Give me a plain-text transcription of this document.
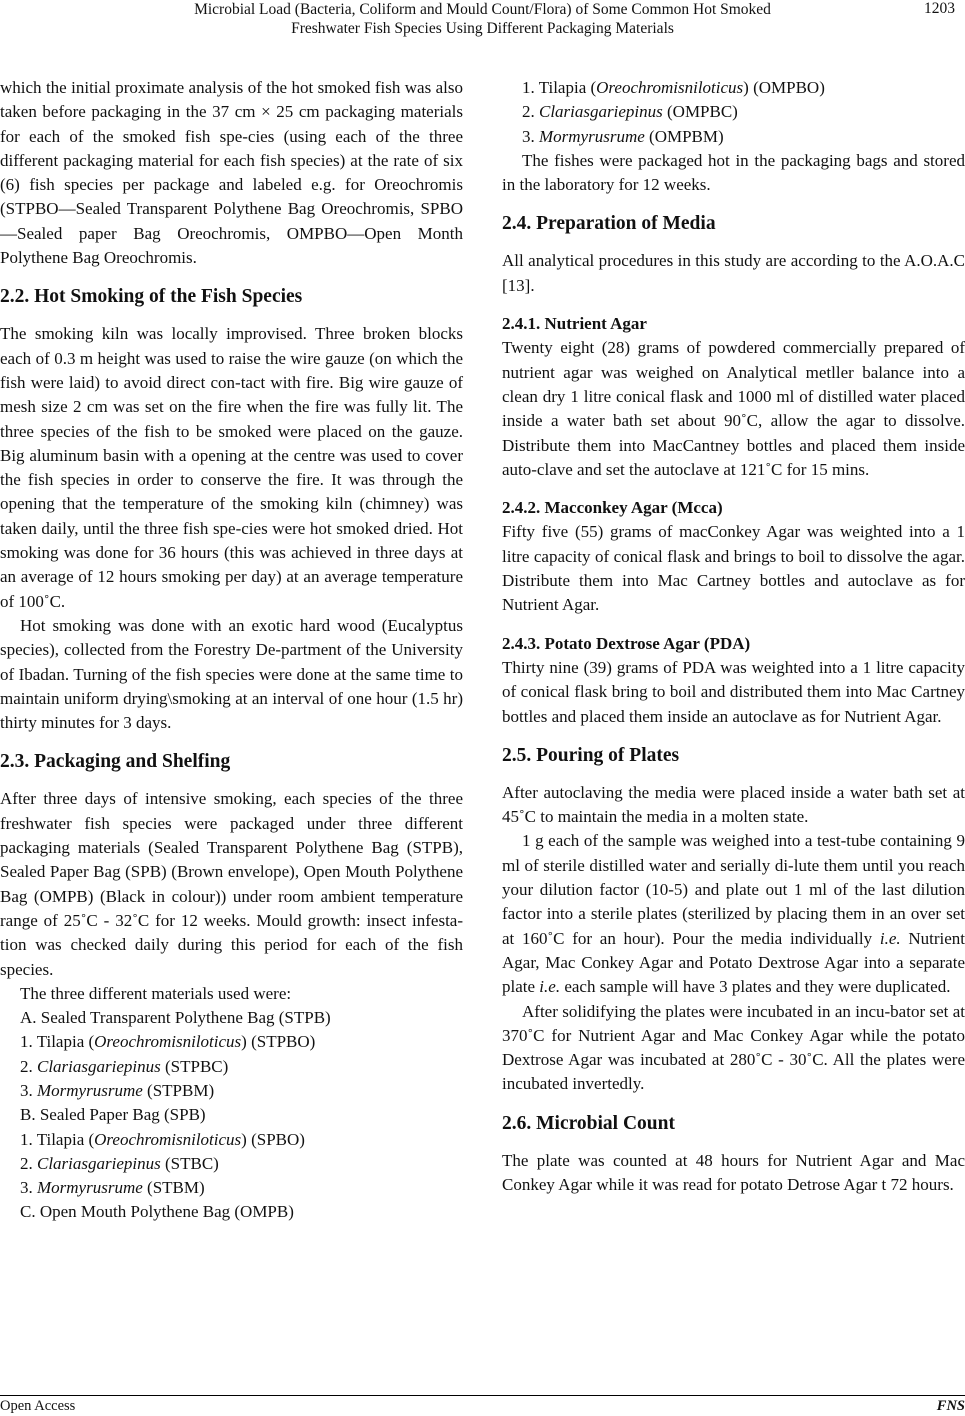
Microbial Load (Bacteria, Coliform and Mould Count/Flora) of Some Common Hot Smoked
Freshwater Fish Species Using Different Packaging Materials
1203

which the initial proximate analysis of the hot smoked fish was also taken before packaging in the 37 cm × 25 cm packaging materials for each of the smoked fish spe-cies (using each of the three different packaging material for each fish species) at the rate of six (6) fish species per package and labeled e.g. for Oreochromis (STPBO—Sealed Transparent Polythene Bag Oreochromis, SPBO—Sealed paper Bag Oreochromis, OMPBO—Open Month Polythene Bag Oreochromis.

2.2. Hot Smoking of the Fish Species

The smoking kiln was locally improvised. Three broken blocks each of 0.3 m height was used to raise the wire gauze (on which the fish were laid) to avoid direct con-tact with fire. Big wire gauze of mesh size 2 cm was set on the fire when the fire was fully lit. The three species of the fish to be smoked were placed on the gauze. Big aluminum basin with a opening at the centre was used to cover the fish species in order to conserve the fire. It was through the opening that the temperature of the smoking kiln (chimney) was taken daily, until the three fish spe-cies were hot smoked dried. Hot smoking was done for 36 hours (this was achieved in three days at an average of 12 hours smoking per day) at an average temperature of 100˚C.

Hot smoking was done with an exotic hard wood (Eucalyptus species), collected from the Forestry De-partment of the University of Ibadan. Turning of the fish species were done at the same time to maintain uniform drying\smoking at an interval of one hour (1.5 hr) thirty minutes for 3 days.

2.3. Packaging and Shelfing

After three days of intensive smoking, each species of the three freshwater fish species were packaged under three different packaging materials (Sealed Transparent Polythene Bag (STPB), Sealed Paper Bag (SPB) (Brown envelope), Open Mouth Polythene Bag (OMPB) (Black in colour)) under room ambient temperature range of 25˚C - 32˚C for 12 weeks. Mould growth: insect infesta-tion was checked daily during this period for each of the fish species.

The three different materials used were:

A. Sealed Transparent Polythene Bag (STPB)

1. Tilapia (Oreochromisniloticus) (STPBO)

2. Clariasgariepinus (STPBC)

3. Mormyrusrume (STPBM)

B. Sealed Paper Bag (SPB)

1. Tilapia (Oreochromisniloticus) (SPBO)

2. Clariasgariepinus (STBC)

3. Mormyrusrume (STBM)

C. Open Mouth Polythene Bag (OMPB)

1. Tilapia (Oreochromisniloticus) (OMPBO)

2. Clariasgariepinus (OMPBC)

3. Mormyrusrume (OMPBM)

The fishes were packaged hot in the packaging bags and stored in the laboratory for 12 weeks.

2.4. Preparation of Media

All analytical procedures in this study are according to the A.O.A.C [13].

2.4.1. Nutrient Agar

Twenty eight (28) grams of powdered commercially prepared of nutrient agar was weighed on Analytical metller balance into a clean dry 1 litre conical flask and 1000 ml of distilled water placed inside a water bath set about 90˚C, allow the agar to dissolve. Distribute them into MacCantney bottles and placed them inside auto-clave and set the autoclave at 121˚C for 15 mins.

2.4.2. Macconkey Agar (Mcca)

Fifty five (55) grams of macConkey Agar was weighted into a 1 litre capacity of conical flask and brings to boil to dissolve the agar. Distribute them into Mac Cartney bottles and autoclave as for Nutrient Agar.

2.4.3. Potato Dextrose Agar (PDA)

Thirty nine (39) grams of PDA was weighted into a 1 litre capacity of conical flask bring to boil and distributed them into Mac Cartney bottles and placed them inside an autoclave as for Nutrient Agar.

2.5. Pouring of Plates

After autoclaving the media were placed inside a water bath set at 45˚C to maintain the media in a molten state.

1 g each of the sample was weighed into a test-tube containing 9 ml of sterile distilled water and serially di-lute them until you reach your dilution factor (10-5) and plate out 1 ml of the last dilution factor into a sterile plates (sterilized by placing them in an over set at 160˚C for an hour). Pour the media individually i.e. Nutrient Agar, Mac Conkey Agar and Potato Dextrose Agar into a separate plate i.e. each sample will have 3 plates and they were duplicated.

After solidifying the plates were incubated in an incu-bator set at 370˚C for Nutrient Agar and Mac Conkey Agar while the potato Dextrose Agar was incubated at 280˚C - 30˚C. All the plates were incubated invertedly.

2.6. Microbial Count

The plate was counted at 48 hours for Nutrient Agar and Mac Conkey Agar while it was read for potato Detrose Agar t 72 hours.

Open Access	FNS
